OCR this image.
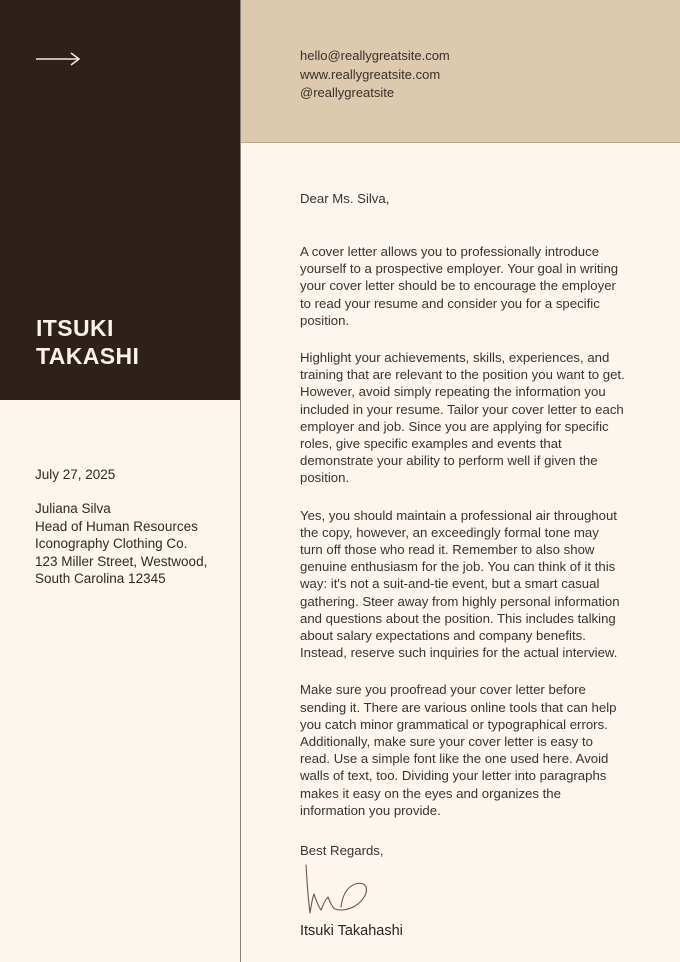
ITSUKI
TAKASHI
July 27, 2025
Juliana Silva
Head of Human Resources
Iconography Clothing Co.
123 Miller Street, Westwood,
South Carolina 12345
hello@reallygreatsite.com
www.reallygreatsite.com
@reallygreatsite
Dear Ms. Silva,

A cover letter allows you to professionally introduce yourself to a prospective employer. Your goal in writing your cover letter should be to encourage the employer to read your resume and consider you for a specific position.

Highlight your achievements, skills, experiences, and training that are relevant to the position you want to get. However, avoid simply repeating the information you included in your resume. Tailor your cover letter to each employer and job. Since you are applying for specific roles, give specific examples and events that demonstrate your ability to perform well if given the position.

Yes, you should maintain a professional air throughout the copy, however, an exceedingly formal tone may turn off those who read it. Remember to also show genuine enthusiasm for the job. You can think of it this way: it's not a suit-and-tie event, but a smart casual gathering. Steer away from highly personal information and questions about the position. This includes talking about salary expectations and company benefits. Instead, reserve such inquiries for the actual interview.

Make sure you proofread your cover letter before sending it. There are various online tools that can help you catch minor grammatical or typographical errors. Additionally, make sure your cover letter is easy to read. Use a simple font like the one used here. Avoid walls of text, too. Dividing your letter into paragraphs makes it easy on the eyes and organizes the information you provide.

Best Regards,
Itsuki Takahashi
